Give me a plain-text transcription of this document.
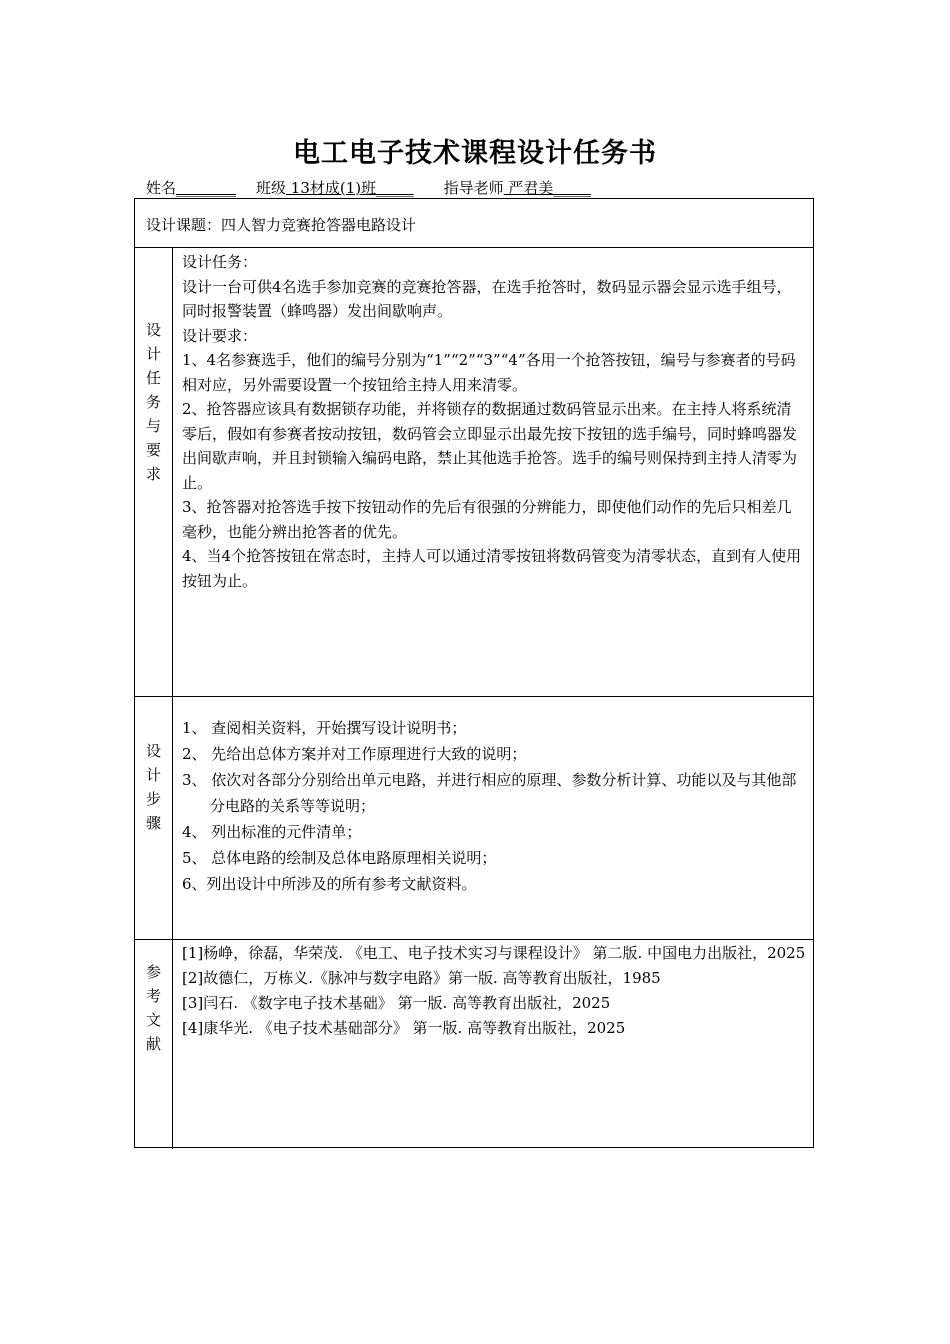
电工电子技术课程设计任务书
姓名________ 班级 13材成(1)班_____ 指导老师 严君美_____
设计课题：四人智力竞赛抢答器电路设计
设
计
任
务
与
要
求

设计任务：

设计一台可供4名选手参加竞赛的竞赛抢答器，在选手抢答时，数码显示器会显示选手组号，同时报警装置（蜂鸣器）发出间歇响声。

设计要求：

1、4名参赛选手，他们的编号分别为“1”“2”“3”“4”各用一个抢答按钮，编号与参赛者的号码相对应，另外需要设置一个按钮给主持人用来清零。

2、抢答器应该具有数据锁存功能，并将锁存的数据通过数码管显示出来。在主持人将系统清零后，假如有参赛者按动按钮，数码管会立即显示出最先按下按钮的选手编号，同时蜂鸣器发出间歇声响，并且封锁输入编码电路，禁止其他选手抢答。选手的编号则保持到主持人清零为止。

3、抢答器对抢答选手按下按钮动作的先后有很强的分辨能力，即使他们动作的先后只相差几毫秒，也能分辨出抢答者的优先。

4、当4个抢答按钮在常态时，主持人可以通过清零按钮将数码管变为清零状态，直到有人使用按钮为止。

设
计
步
骤

1、 查阅相关资料，开始撰写设计说明书；

2、 先给出总体方案并对工作原理进行大致的说明；

3、 依次对各部分分别给出单元电路，并进行相应的原理、参数分析计算、功能以及与其他部分电路的关系等等说明；

4、 列出标准的元件清单；

5、 总体电路的绘制及总体电路原理相关说明；

6、列出设计中所涉及的所有参考文献资料。

参
考
文
献

[1]杨峥，徐磊，华荣茂. 《电工、电子技术实习与课程设计》 第二版. 中国电力出版社，2025

[2]故德仁，万栋义.《脉冲与数字电路》第一版. 高等教育出版社，1985

[3]闫石. 《数字电子技术基础》 第一版. 高等教育出版社，2025

[4]康华光. 《电子技术基础部分》 第一版. 高等教育出版社，2025
